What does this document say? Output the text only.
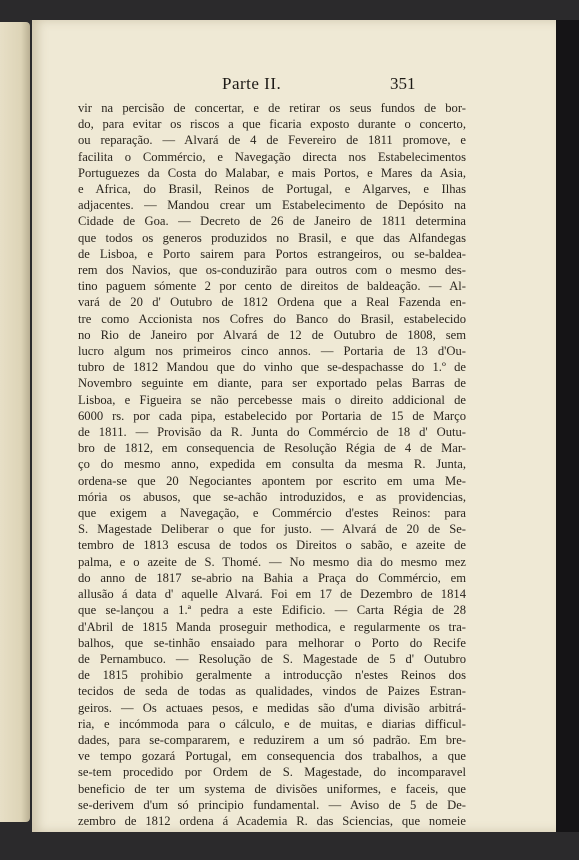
Parte II.	351
vir na percisão de concertar, e de retirar os seus fundos de bor-
do, para evitar os riscos a que ficaria exposto durante o concerto,
ou reparação. — Alvará de 4 de Fevereiro de 1811 promove, e
facilita o Commércio, e Navegação directa nos Estabelecimentos
Portuguezes da Costa do Malabar, e mais Portos, e Mares da Asia,
e Africa, do Brasil, Reinos de Portugal, e Algarves, e Ilhas
adjacentes. — Mandou crear um Estabelecimento de Depósito na
Cidade de Goa. — Decreto de 26 de Janeiro de 1811 determina
que todos os generos produzidos no Brasil, e que das Alfandegas
de Lisboa, e Porto sairem para Portos estrangeiros, ou se-baldea-
rem dos Navios, que os-conduzirão para outros com o mesmo des-
tino paguem sómente 2 por cento de direitos de baldeação. — Al-
vará de 20 d' Outubro de 1812 Ordena que a Real Fazenda en-
tre como Accionista nos Cofres do Banco do Brasil, estabelecido
no Rio de Janeiro por Alvará de 12 de Outubro de 1808, sem
lucro algum nos primeiros cinco annos. — Portaria de 13 d'Ou-
tubro de 1812 Mandou que do vinho que se-despachasse do 1.º de
Novembro seguinte em diante, para ser exportado pelas Barras de
Lisboa, e Figueira se não percebesse mais o direito addicional de
6000 rs. por cada pipa, estabelecido por Portaria de 15 de Março
de 1811. — Provisão da R. Junta do Commércio de 18 d' Outu-
bro de 1812, em consequencia de Resolução Régia de 4 de Mar-
ço do mesmo anno, expedida em consulta da mesma R. Junta,
ordena-se que 20 Negociantes apontem por escrito em uma Me-
mória os abusos, que se-achão introduzidos, e as providencias,
que exigem a Navegação, e Commércio d'estes Reinos: para
S. Magestade Deliberar o que for justo. — Alvará de 20 de Se-
tembro de 1813 escusa de todos os Direitos o sabão, e azeite de
palma, e o azeite de S. Thomé. — No mesmo dia do mesmo mez
do anno de 1817 se-abrio na Bahia a Praça do Commércio, em
allusão á data d' aquelle Alvará. Foi em 17 de Dezembro de 1814
que se-lançou a 1.ª pedra a este Edificio. — Carta Régia de 28
d'Abril de 1815 Manda proseguir methodica, e regularmente os tra-
balhos, que se-tinhão ensaiado para melhorar o Porto do Recife
de Pernambuco. — Resolução de S. Magestade de 5 d' Outubro
de 1815 prohibio geralmente a introducção n'estes Reinos dos
tecidos de seda de todas as qualidades, vindos de Paizes Estran-
geiros. — Os actuaes pesos, e medidas são d'uma divisão arbitrá-
ria, e incómmoda para o cálculo, e de muitas, e diarias difficul-
dades, para se-compararem, e reduzirem a um só padrão. Em bre-
ve tempo gozará Portugal, em consequencia dos trabalhos, a que
se-tem procedido por Ordem de S. Magestade, do incomparavel
beneficio de ter um systema de divisões uniformes, e faceis, que
se-derivem d'um só principio fundamental. — Aviso de 5 de De-
zembro de 1812 ordena á Academia R. das Sciencias, que nomeie
